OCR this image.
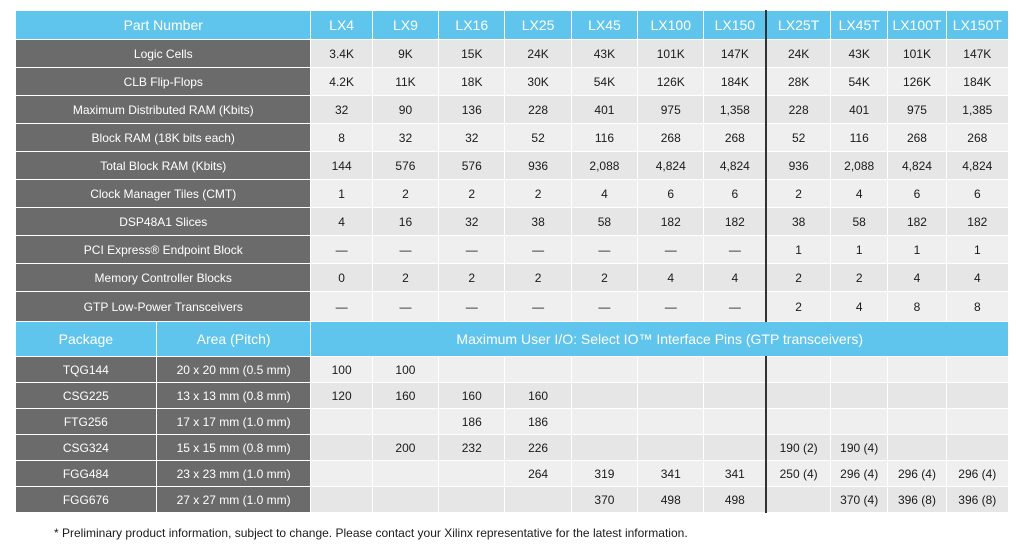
Part Number		LX4	LX9	LX16	LX25	LX45	LX100	LX150	LX25T	LX45T	LX100T	LX150T
Logic Cells		3.4K	9K	15K	24K	43K	101K	147K	24K	43K	101K	147K
CLB Flip-Flops		4.2K	11K	18K	30K	54K	126K	184K	28K	54K	126K	184K
Maximum Distributed RAM (Kbits)		32	90	136	228	401	975	1,358	228	401	975	1,385
Block RAM (18K bits each)		8	32	32	52	116	268	268	52	116	268	268
Total Block RAM (Kbits)		144	576	576	936	2,088	4,824	4,824	936	2,088	4,824	4,824
Clock Manager Tiles (CMT)		1	2	2	2	4	6	6	2	4	6	6
DSP48A1 Slices		4	16	32	38	58	182	182	38	58	182	182
PCI Express® Endpoint Block		—	—	—	—	—	—	—	1	1	1	1
Memory Controller Blocks		0	2	2	2	2	4	4	2	2	4	4
GTP Low-Power Transceivers		—	—	—	—	—	—	—	2	4	8	8
Package	Area (Pitch)	Maximum User I/O: Select IO™ Interface Pins (GTP transceivers)										
TQG144	20 x 20 mm (0.5 mm)	100	100									
CSG225	13 x 13 mm (0.8 mm)	120	160	160	160							
FTG256	17 x 17 mm (1.0 mm)			186	186							
CSG324	15 x 15 mm (0.8 mm)		200	232	226				190 (2)	190 (4)		
FGG484	23 x 23 mm (1.0 mm)				264	319	341	341	250 (4)	296 (4)	296 (4)	296 (4)
FGG676	27 x 27 mm (1.0 mm)					370	498	498		370 (4)	396 (8)	396 (8)
* Preliminary product information, subject to change. Please contact your Xilinx representative for the latest information.
